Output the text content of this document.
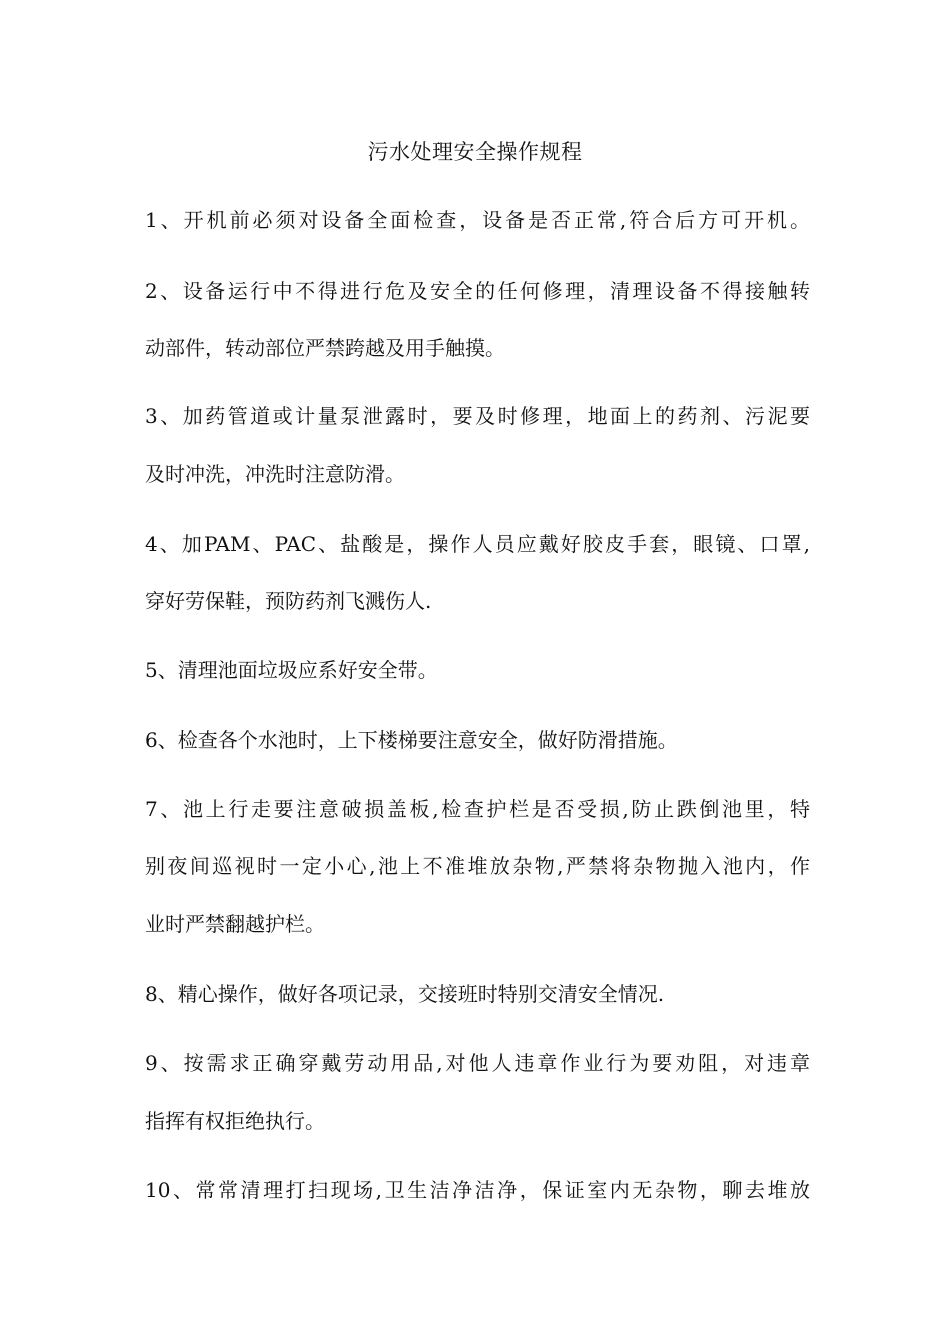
污水处理安全操作规程
1、开机前必须对设备全面检查，设备是否正常,符合后方可开机。
2、设备运行中不得进行危及安全的任何修理，清理设备不得接触转
动部件，转动部位严禁跨越及用手触摸。
3、加药管道或计量泵泄露时，要及时修理，地面上的药剂、污泥要
及时冲洗，冲洗时注意防滑。
4、加PAM、PAC、盐酸是，操作人员应戴好胶皮手套，眼镜、口罩,
穿好劳保鞋，预防药剂飞溅伤人.
5、清理池面垃圾应系好安全带。
6、检查各个水池时，上下楼梯要注意安全，做好防滑措施。
7、池上行走要注意破损盖板,检查护栏是否受损,防止跌倒池里，特
别夜间巡视时一定小心,池上不准堆放杂物,严禁将杂物抛入池内，作
业时严禁翻越护栏。
8、精心操作，做好各项记录，交接班时特别交清安全情况.
9、按需求正确穿戴劳动用品,对他人违章作业行为要劝阻，对违章
指挥有权拒绝执行。
10、常常清理打扫现场,卫生洁净洁净，保证室内无杂物，聊去堆放
